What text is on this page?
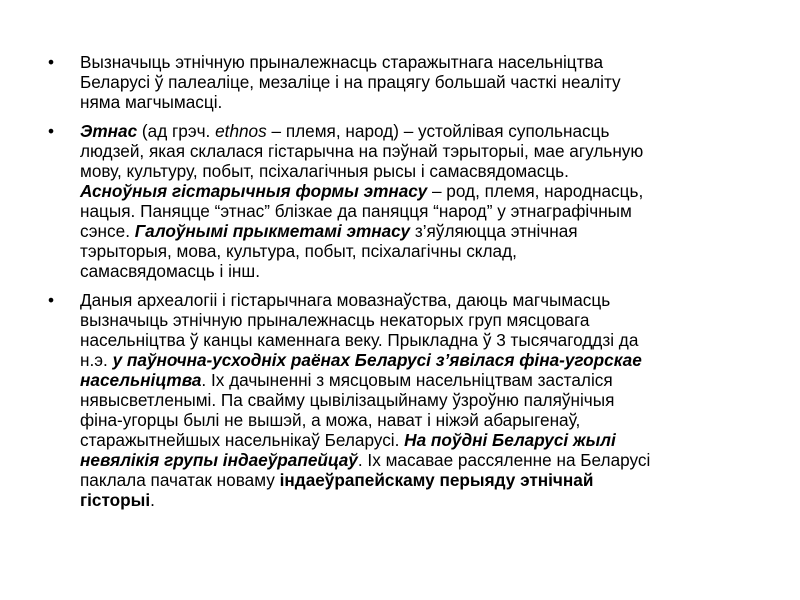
•	Вызначыць этнічную прыналежнасць старажытнага насельніцтва
Беларусі ў палеаліце, мезаліце і на працягу большай часткі неаліту
няма магчымасці.
•	Этнас (ад грэч. ethnos – племя, народ) – устойлівая супольнасць
людзей, якая склалася гістарычна на пэўнай тэрыторыі, мае агульную
мову, культуру, побыт, псіхалагічныя рысы і самасвядомасць.
Асноўныя гістарычныя формы этнасу – род, племя, народнасць,
нацыя. Паняцце “этнас” блізкае да паняцця “народ” у этнаграфічным
сэнсе. Галоўнымі прыкметамі этнасу з’яўляюцца этнічная
тэрыторыя, мова, культура, побыт, псіхалагічны склад,
самасвядомасць і інш.
•	Даныя археалогіі і гістарычнага мовазнаўства, даюць магчымасць
вызначыць этнічную прыналежнасць некаторых груп мясцовага
насельніцтва ў канцы каменнага веку. Прыкладна ў 3 тысячагоддзі да
н.э. у паўночна-усходніх раёнах Беларусі з’явілася фіна-угорскае
насельніцтва. Іх дачыненні з мясцовым насельніцтвам засталіся
нявысветленымі. Па свайму цывілізацыйнаму ўзроўню паляўнічыя
фіна-угорцы былі не вышэй, а можа, нават і ніжэй абарыгенаў,
старажытнейшых насельнікаў Беларусі. На поўдні Беларусі жылі
невялікія групы індаеўрапейцаў. Іх масавае рассяленне на Беларусі
паклала пачатак новаму індаеўрапейскаму перыяду этнічнай
гісторыі.
